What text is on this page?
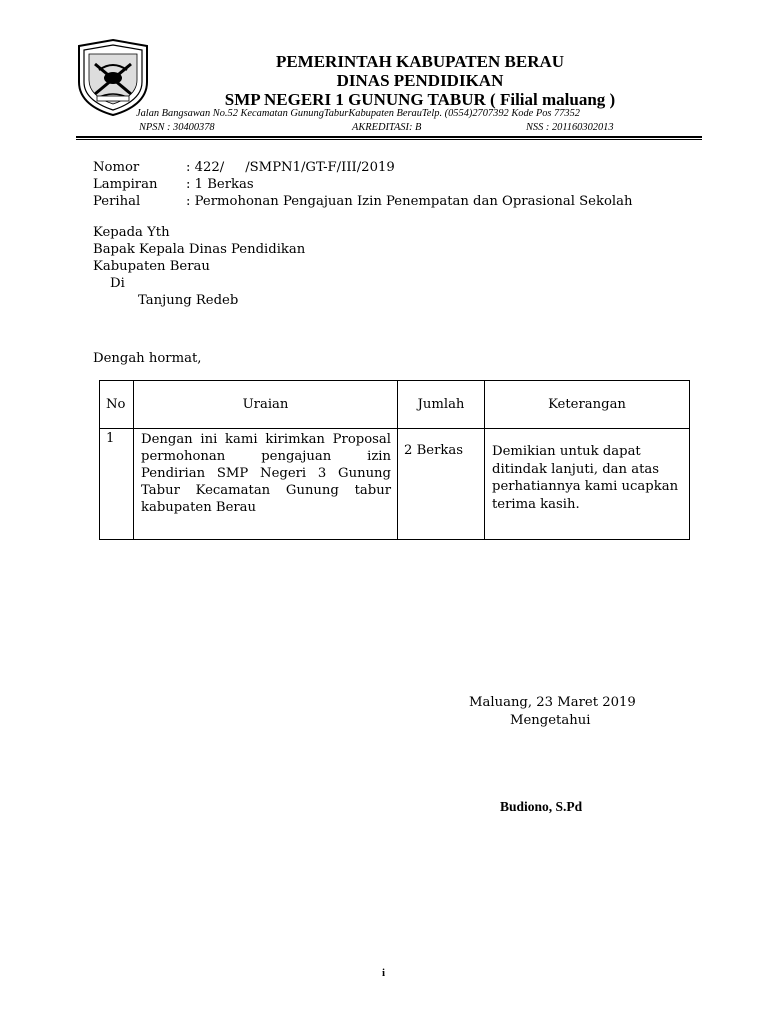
PEMERINTAH KABUPATEN BERAU
DINAS PENDIDIKAN
SMP NEGERI 1 GUNUNG TABUR ( Filial maluang )
Jalan Bangsawan No.52 Kecamatan GunungTaburKabupaten BerauTelp. (0554)2707392 Kode Pos 77352
NPSN : 30400378	AKREDITASI: B	NSS : 201160302013
Nomor	: 422/     /SMPN1/GT-F/III/2019
Lampiran : 1 Berkas
Perihal	: Permohonan Pengajuan Izin Penempatan dan Oprasional Sekolah
Kepada Yth
Bapak Kepala Dinas Pendidikan
Kabupaten Berau
Di
Tanjung Redeb
Dengah hormat,
No	Uraian	Jumlah	Keterangan
1	Dengan ini kami kirimkan Proposal permohonan pengajuan izin Pendirian SMP Negeri 3 Gunung Tabur Kecamatan Gunung tabur kabupaten Berau	2 Berkas	Demikian untuk dapat ditindak lanjuti, dan atas perhatiannya kami ucapkan terima kasih.
Maluang, 23 Maret 2019
Mengetahui
Budiono, S.Pd
i
